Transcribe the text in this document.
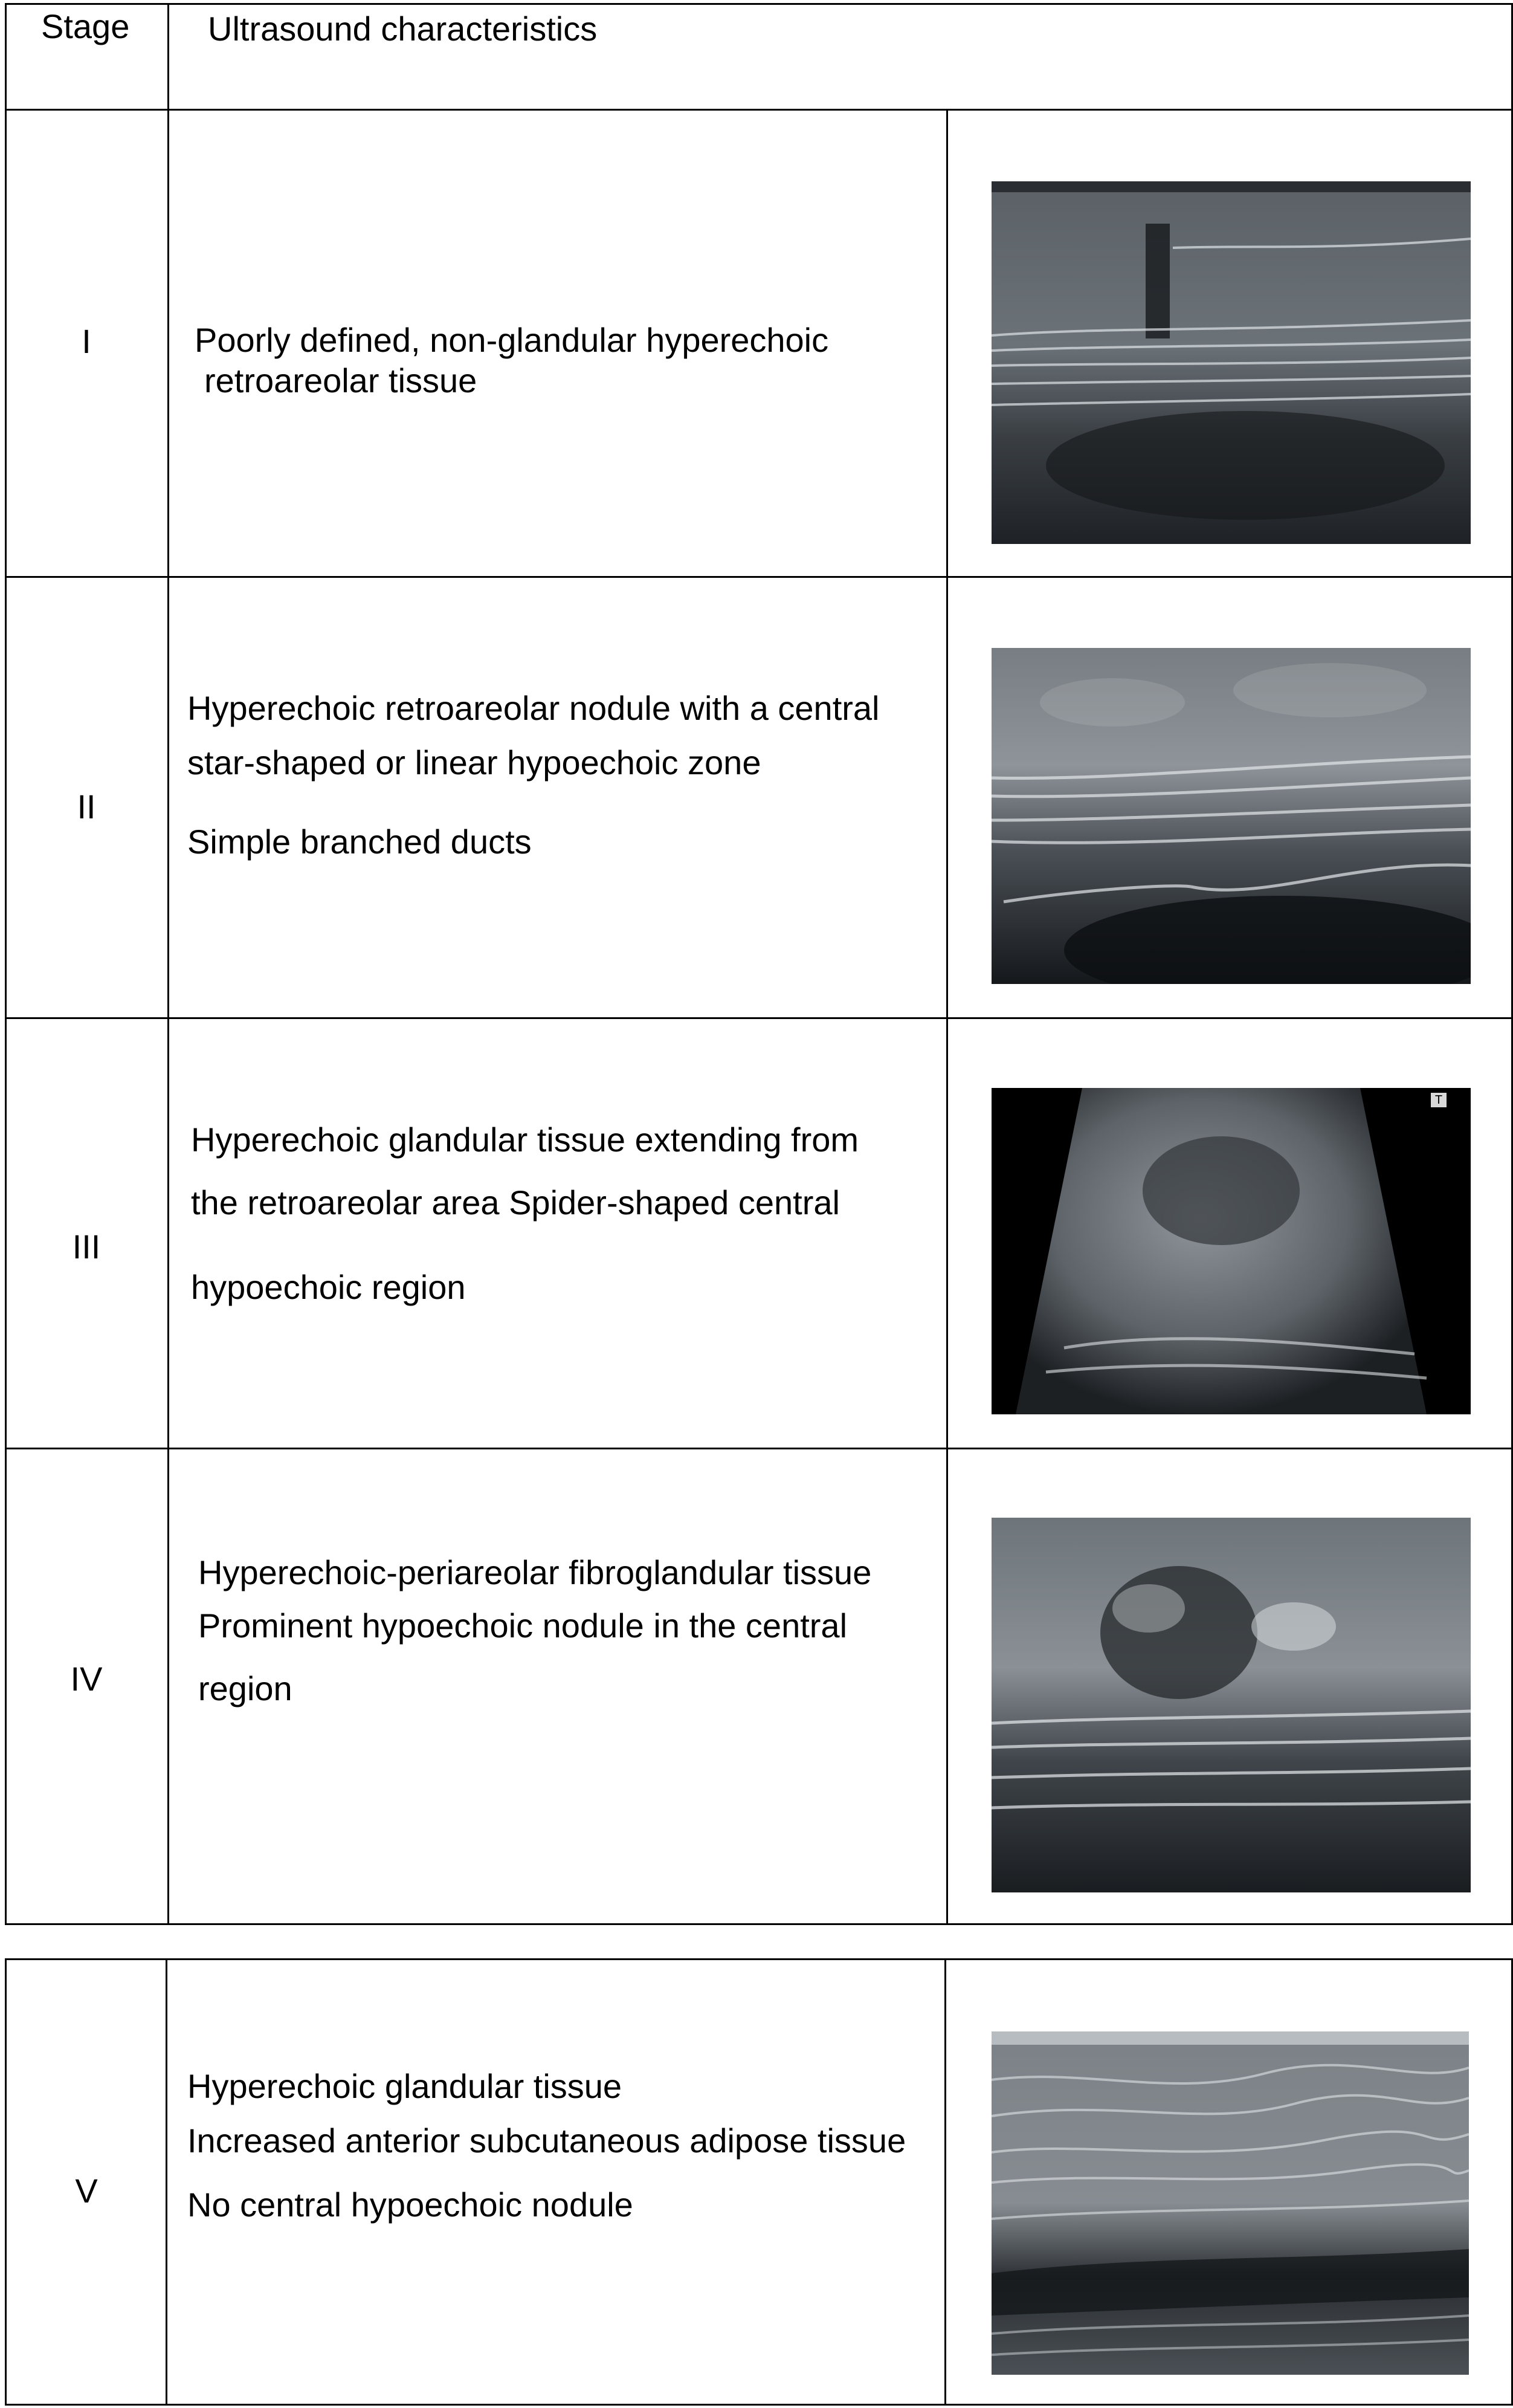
Stage Ultrasound characteristics
I	Poorly defined, non-glandular hyperechoic
retroareolar tissue
II
Hyperechoic retroareolar nodule with a central
star-shaped or linear hypoechoic zone
Simple branched ducts
III
Hyperechoic glandular tissue extending from
the retroareolar area Spider-shaped central
hypoechoic region
T
IV
Hyperechoic-periareolar fibroglandular tissue
Prominent hypoechoic nodule in the central
region
V
Hyperechoic glandular tissue
Increased anterior subcutaneous adipose tissue
No central hypoechoic nodule
